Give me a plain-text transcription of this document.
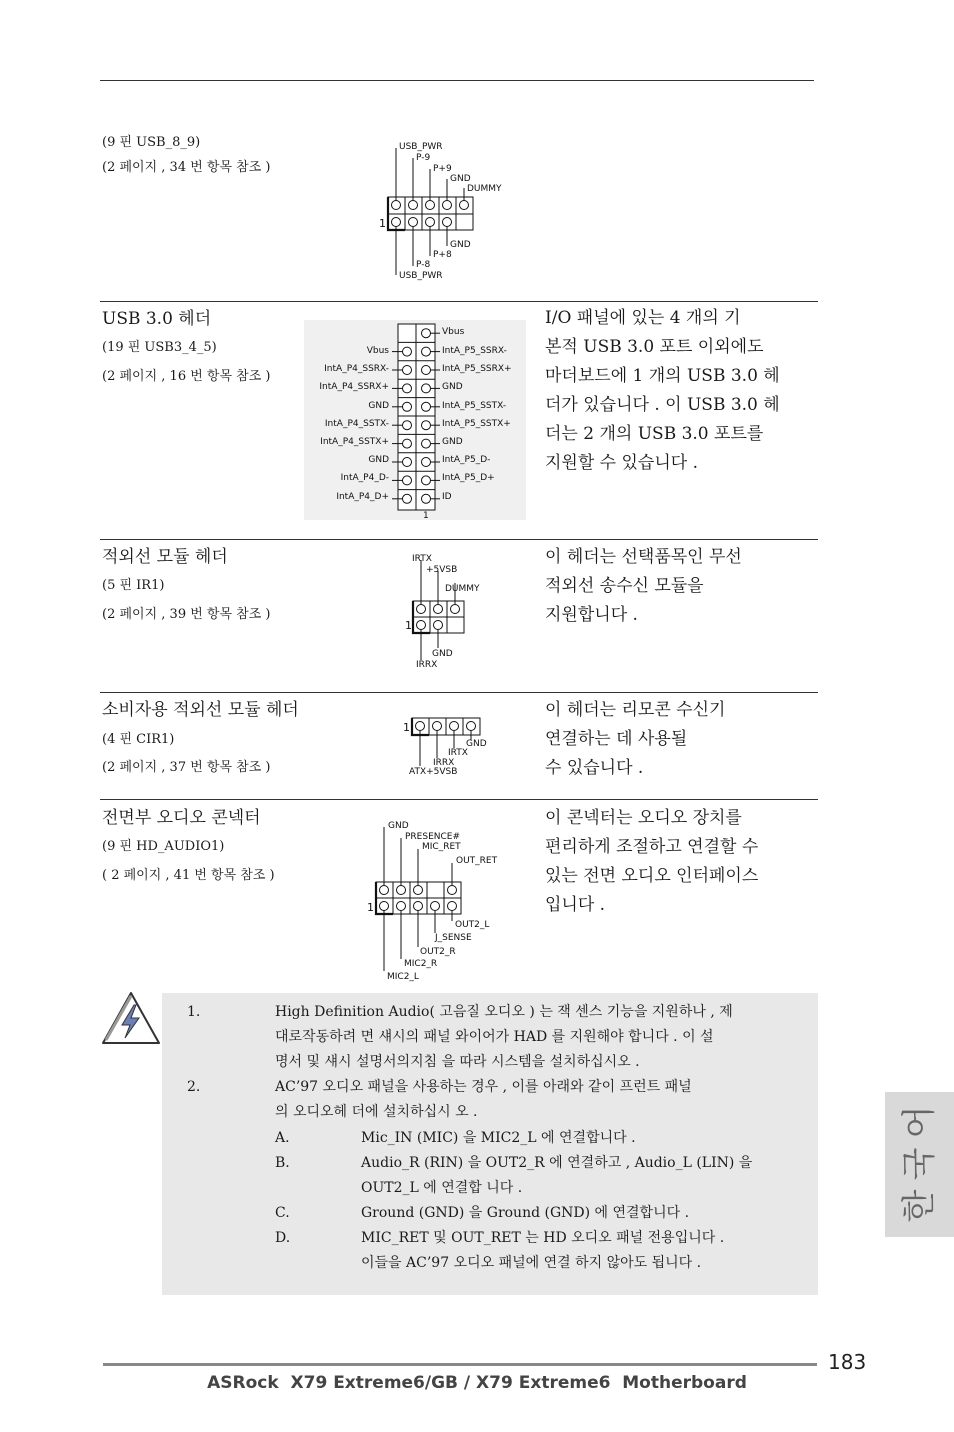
(9 핀 USB_8_9)
(2 페이지 , 34 번 항목 참조 )
USB_PWR
P-9
P+9
GND
DUMMY
1
GND
P+8
P-8
USB_PWR
USB 3.0 헤더
(19 핀 USB3_4_5)
(2 페이지 , 16 번 항목 참조 )
I/O 패널에 있는 4 개의 기
본적 USB 3.0 포트 이외에도
마더보드에 1 개의 USB 3.0 헤
더가 있습니다 . 이 USB 3.0 헤
더는 2 개의 USB 3.0 포트를
지원할 수 있습니다 .
1
Vbus
IntA_P4_SSRX-
IntA_P4_SSRX+
GND
IntA_P4_SSTX-
IntA_P4_SSTX+
GND
IntA_P4_D-
IntA_P4_D+
Vbus
IntA_P5_SSRX-
IntA_P5_SSRX+
GND
IntA_P5_SSTX-
IntA_P5_SSTX+
GND
IntA_P5_D-
IntA_P5_D+
ID
적외선 모듈 헤더
(5 핀 IR1)
(2 페이지 , 39 번 항목 참조 )
이 헤더는 선택품목인 무선
적외선 송수신 모듈을
지원합니다 .
IRTX
+5VSB
DUMMY
1
GND
IRRX
소비자용 적외선 모듈 헤더
(4 핀 CIR1)
(2 페이지 , 37 번 항목 참조 )
이 헤더는 리모콘 수신기
연결하는 데 사용될
수 있습니다 .
1
GND
IRTX
IRRX
ATX+5VSB
전면부 오디오 콘넥터
(9 핀 HD_AUDIO1)
( 2 페이지 , 41 번 항목 참조 )
이 콘넥터는 오디오 장치를
편리하게 조절하고 연결할 수
있는 전면 오디오 인터페이스
입니다 .
GND
PRESENCE#
MIC_RET
OUT_RET
1
OUT2_L
J_SENSE
OUT2_R
MIC2_R
MIC2_L
1.	High Definition Audio( 고음질 오디오 ) 는 잭 센스 기능을 지원하나 , 제
대로작동하려 면 섀시의 패널 와이어가 HAD 를 지원해야 합니다 . 이 설
명서 및 섀시 설명서의지침 을 따라 시스템을 설치하십시오 .
2.	AC’97 오디오 패널을 사용하는 경우 , 이를 아래와 같이 프런트 패널
의 오디오헤 더에 설치하십시 오 .
A.	Mic_IN (MIC) 을 MIC2_L 에 연결합니다 .
B.	Audio_R (RIN) 을 OUT2_R 에 연결하고 , Audio_L (LIN) 을
OUT2_L 에 연결합 니다 .
C.	Ground (GND) 을 Ground (GND) 에 연결합니다 .
D.	MIC_RET 및 OUT_RET 는 HD 오디오 패널 전용입니다 .
이들을 AC’97 오디오 패널에 연결 하지 않아도 됩니다 .
한
국
어
183
ASRock  X79 Extreme6/GB / X79 Extreme6  Motherboard
